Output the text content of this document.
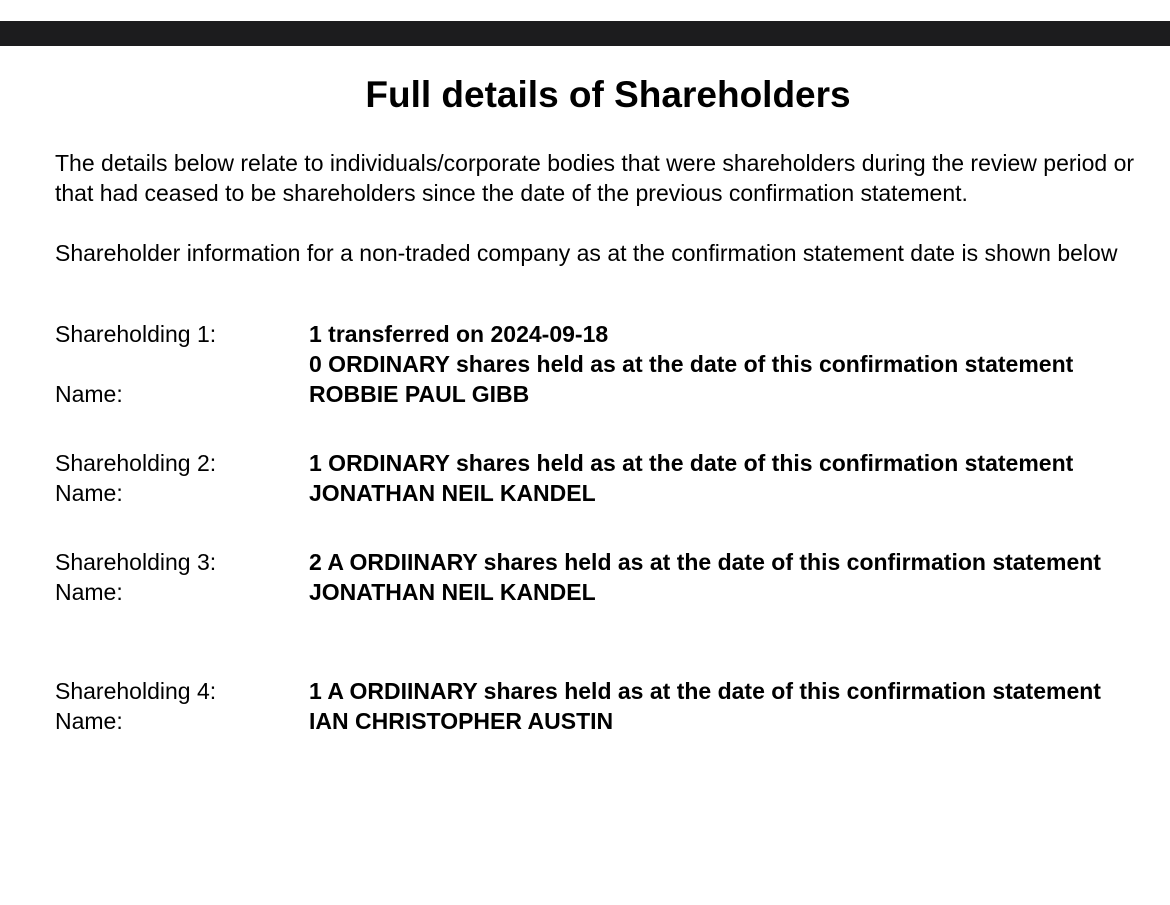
Full details of Shareholders

The details below relate to individuals/corporate bodies that were shareholders during the review period or that had ceased to be shareholders since the date of the previous confirmation statement.

Shareholder information for a non-traded company as at the confirmation statement date is shown below

Shareholding 1:	1 transferred on 2024-09-18
0 ORDINARY shares held as at the date of this confirmation statement
Name:	ROBBIE PAUL GIBB
Shareholding 2:	1 ORDINARY shares held as at the date of this confirmation statement
Name:	JONATHAN NEIL KANDEL
Shareholding 3:	2 A ORDIINARY shares held as at the date of this confirmation statement
Name:	JONATHAN NEIL KANDEL
Shareholding 4:	1 A ORDIINARY shares held as at the date of this confirmation statement
Name:	IAN CHRISTOPHER AUSTIN
